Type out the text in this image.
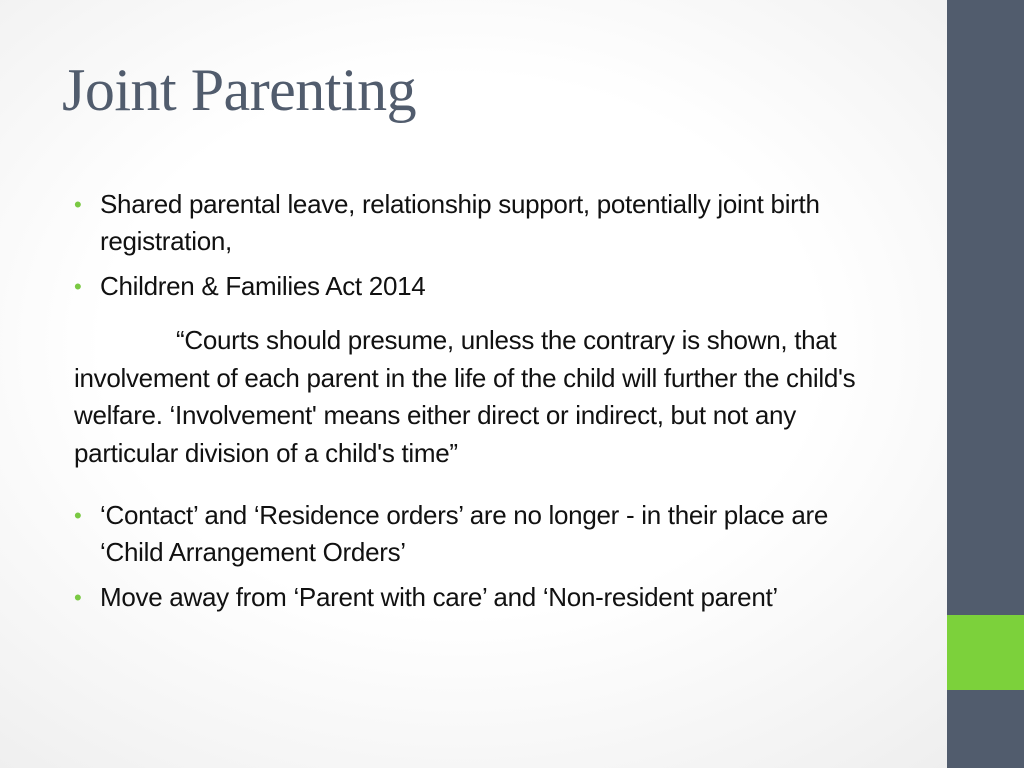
Joint Parenting
• Shared parental leave, relationship support, potentially joint birth registration,
• Children & Families Act 2014

“Courts should presume, unless the contrary is shown, that involvement of each parent in the life of the child will further the child's welfare. ‘Involvement' means either direct or indirect, but not any particular division of a child's time”

• ‘Contact’ and ‘Residence orders’ are no longer - in their place are ‘Child Arrangement Orders’
• Move away from ‘Parent with care’ and ‘Non-resident parent’
